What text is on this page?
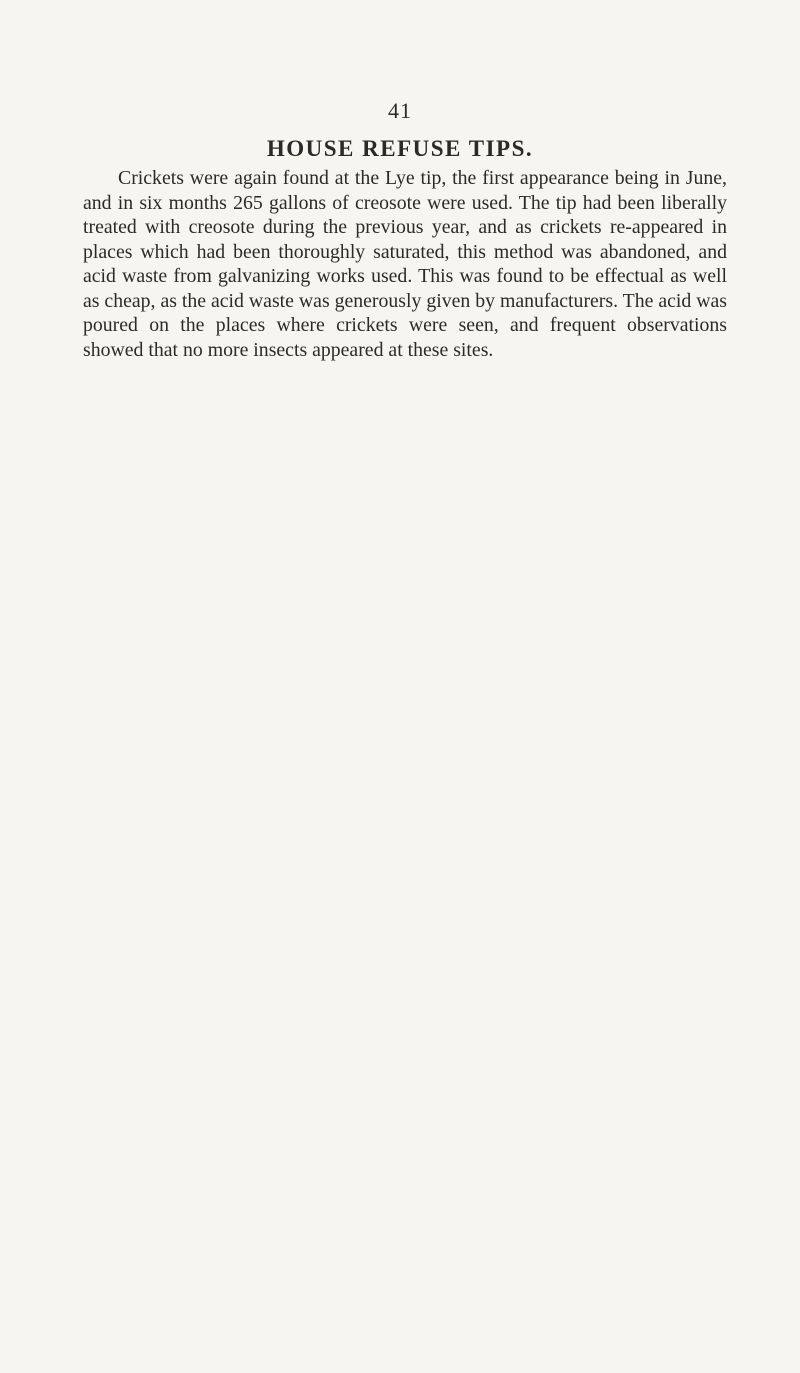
41
HOUSE REFUSE TIPS.

Crickets were again found at the Lye tip, the first appearance being in June, and in six months 265 gallons of creosote were used. The tip had been liberally treated with creosote during the previous year, and as crickets re-appeared in places which had been thoroughly saturated, this method was abandoned, and acid waste from galvanizing works used. This was found to be effectual as well as cheap, as the acid waste was generously given by manufacturers. The acid was poured on the places where crickets were seen, and frequent observations showed that no more insects appeared at these sites.
